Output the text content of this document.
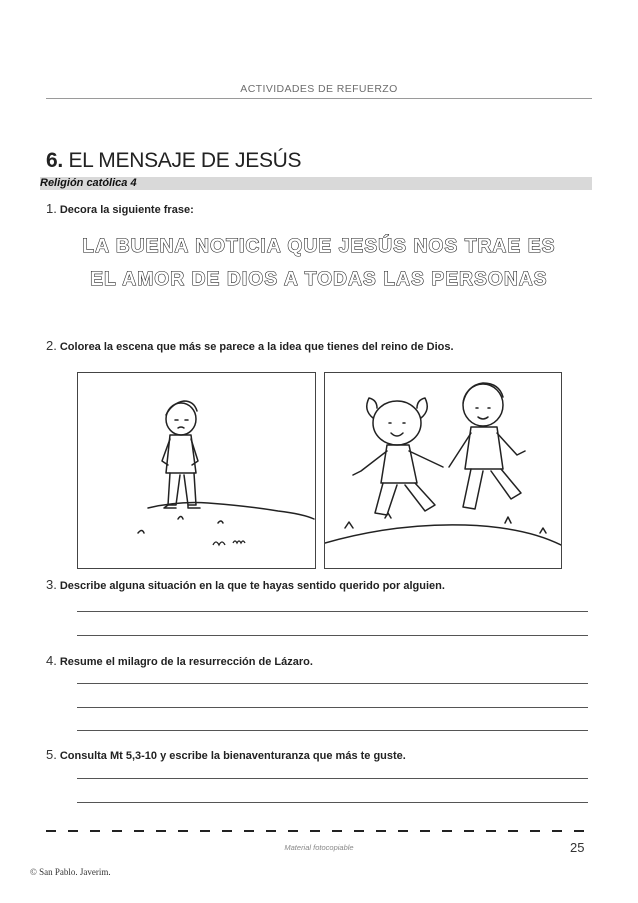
ACTIVIDADES DE REFUERZO
6. EL MENSAJE DE JESÚS
Religión católica 4
1. Decora la siguiente frase:
LA BUENA NOTICIA QUE JESÚS NOS TRAE ES
EL AMOR DE DIOS A TODAS LAS PERSONAS
2. Colorea la escena que más se parece a la idea que tienes del reino de Dios.
3. Describe alguna situación en la que te hayas sentido querido por alguien.
4. Resume el milagro de la resurrección de Lázaro.
5. Consulta Mt 5,3-10 y escribe la bienaventuranza que más te guste.
Material fotocopiable	25
© San Pablo. Javerim.
